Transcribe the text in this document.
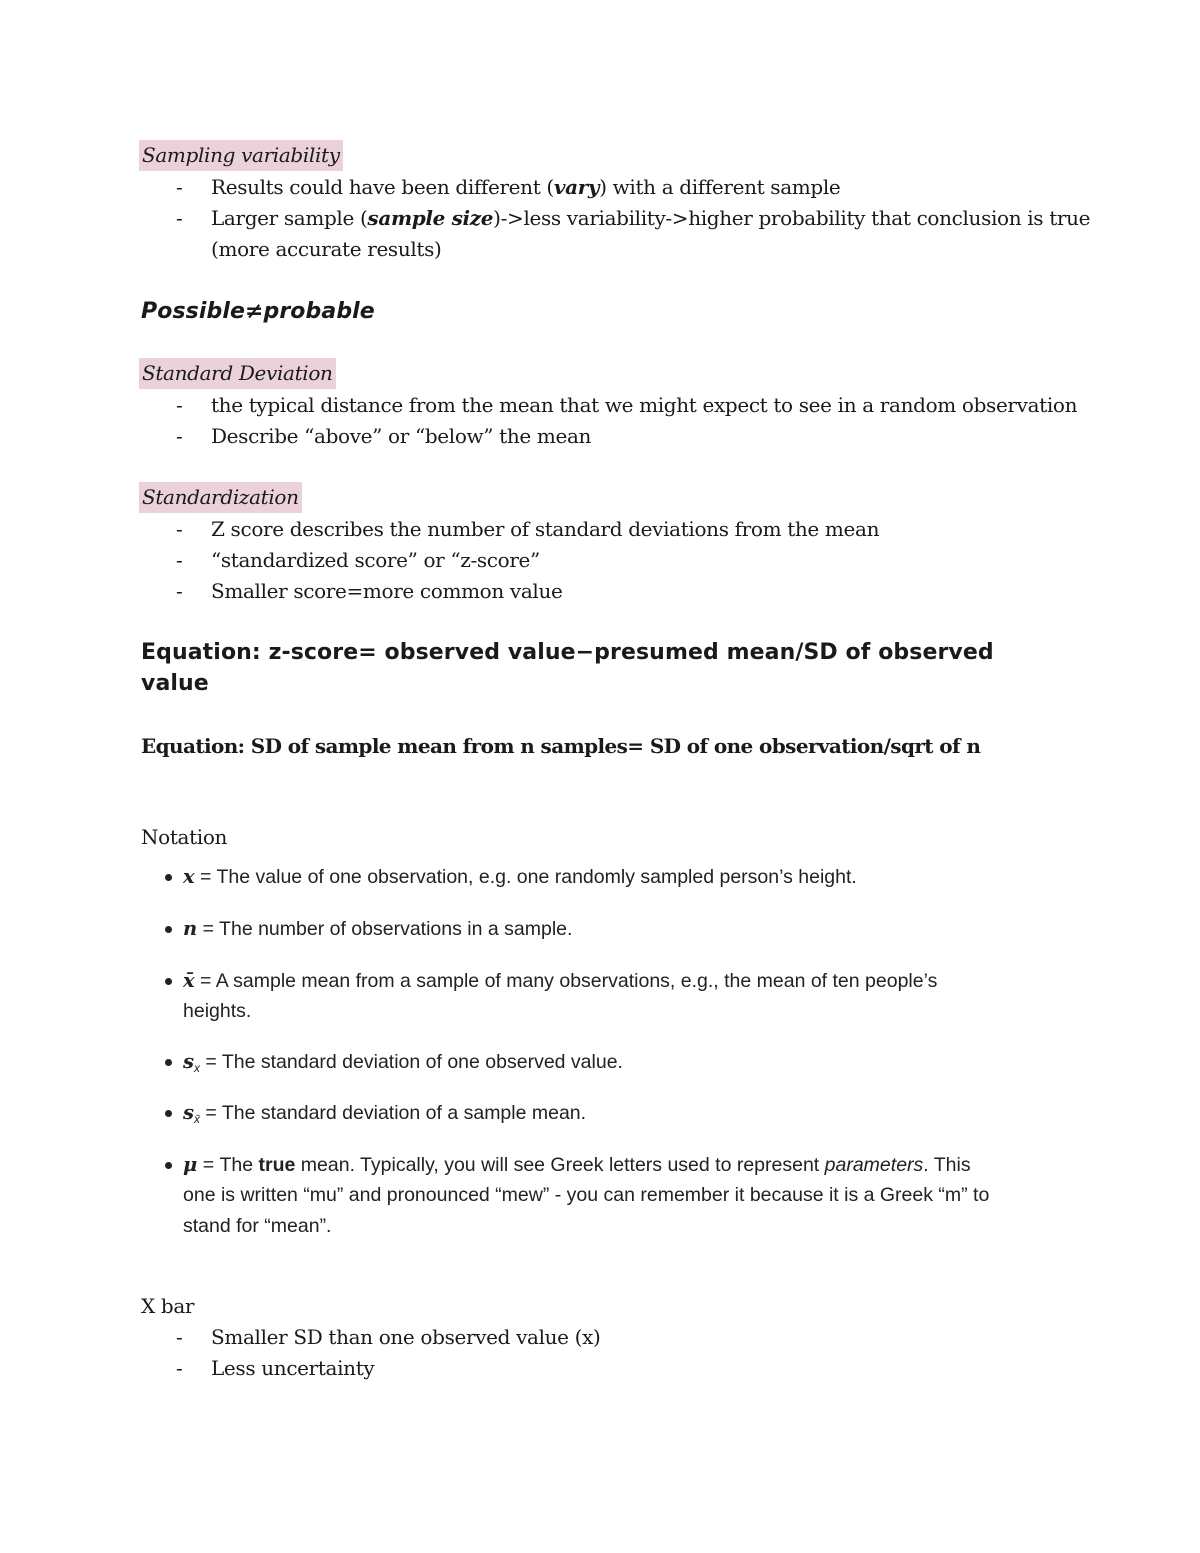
Sampling variability
- Results could have been different (vary) with a different sample
- Larger sample (sample size)->less variability->higher probability that conclusion is true
(more accurate results)
Possible≠probable
Standard Deviation
- the typical distance from the mean that we might expect to see in a random observation
- Describe “above” or “below” the mean
Standardization
- Z score describes the number of standard deviations from the mean
- “standardized score” or “z-score”
- Smaller score=more common value
Equation: z-score= observed value−presumed mean/SD of observed
value
Equation: SD of sample mean from n samples= SD of one observation/sqrt of n
Notation
x = The value of one observation, e.g. one randomly sampled person’s height.
n = The number of observations in a sample.
x̄ = A sample mean from a sample of many observations, e.g., the mean of ten people’s
heights.
$s_x$ = The standard deviation of one observed value.
$s_{x̄}$ = The standard deviation of a sample mean.
μ = The true mean. Typically, you will see Greek letters used to represent parameters. This
one is written “mu” and pronounced “mew” - you can remember it because it is a Greek “m” to
stand for “mean”.
X bar
- Smaller SD than one observed value (x)
- Less uncertainty
